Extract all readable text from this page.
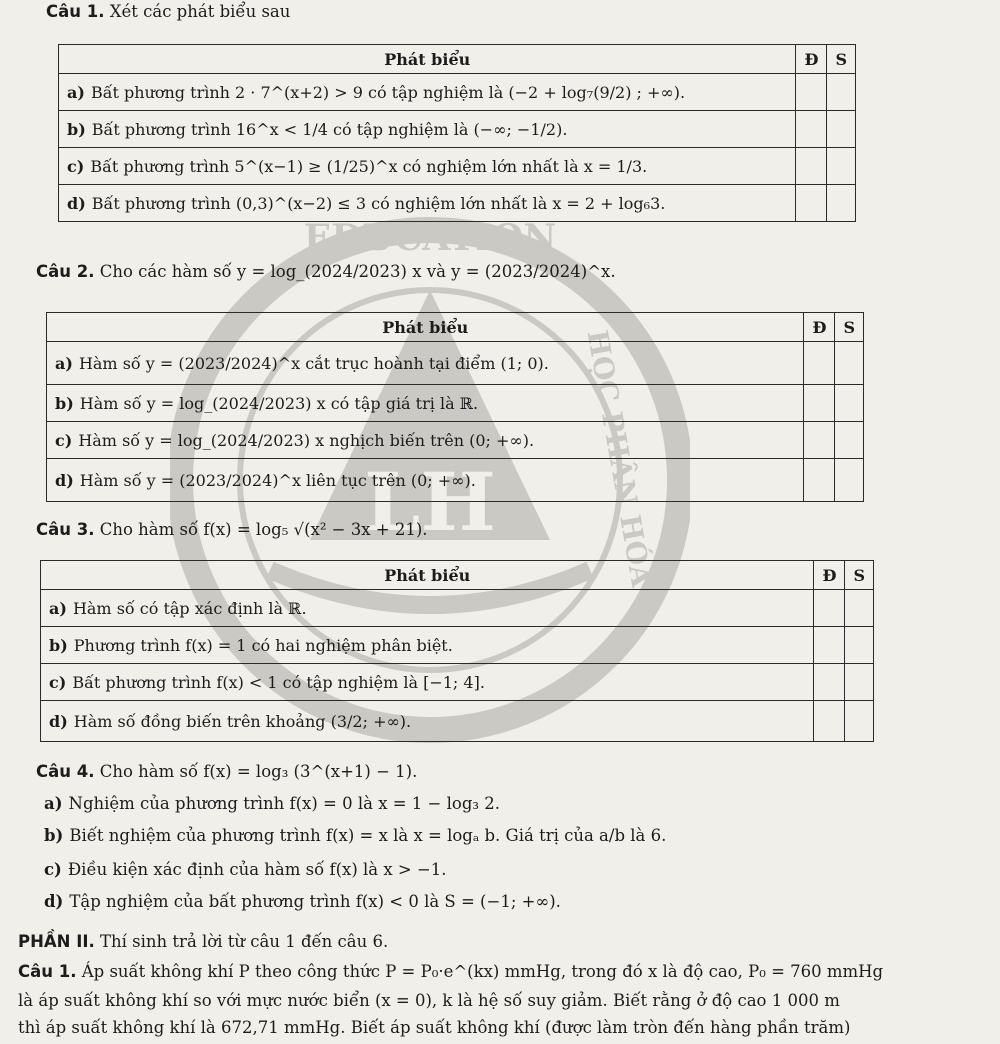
EDUCATION
HỌC PHÂN HÓA
LH
Câu 1. Xét các phát biểu sau
Phát biểu	Đ	S
a) Bất phương trình 2 · 7^(x+2) > 9 có tập nghiệm là (−2 + log₇(9/2) ; +∞).		
b) Bất phương trình 16^x < 1/4 có tập nghiệm là (−∞; −1/2).		
c) Bất phương trình 5^(x−1) ≥ (1/25)^x có nghiệm lớn nhất là x = 1/3.		
d) Bất phương trình (0,3)^(x−2) ≤ 3 có nghiệm lớn nhất là x = 2 + log₆3.		
Câu 2. Cho các hàm số y = log_(2024/2023) x và y = (2023/2024)^x.
Phát biểu	Đ	S
a) Hàm số y = (2023/2024)^x cắt trục hoành tại điểm (1; 0).		
b) Hàm số y = log_(2024/2023) x có tập giá trị là ℝ.		
c) Hàm số y = log_(2024/2023) x nghịch biến trên (0; +∞).		
d) Hàm số y = (2023/2024)^x liên tục trên (0; +∞).		
Câu 3. Cho hàm số f(x) = log₅ √(x² − 3x + 21).
Phát biểu	Đ	S
a) Hàm số có tập xác định là ℝ.		
b) Phương trình f(x) = 1 có hai nghiệm phân biệt.		
c) Bất phương trình f(x) < 1 có tập nghiệm là [−1; 4].		
d) Hàm số đồng biến trên khoảng (3/2; +∞).		
Câu 4. Cho hàm số f(x) = log₃ (3^(x+1) − 1).
a) Nghiệm của phương trình f(x) = 0 là x = 1 − log₃ 2.
b) Biết nghiệm của phương trình f(x) = x là x = logₐ b. Giá trị của a/b là 6.
c) Điều kiện xác định của hàm số f(x) là x > −1.
d) Tập nghiệm của bất phương trình f(x) < 0 là S = (−1; +∞).
PHẦN II. Thí sinh trả lời từ câu 1 đến câu 6.
Câu 1. Áp suất không khí P theo công thức P = P₀·e^(kx) mmHg, trong đó x là độ cao, P₀ = 760 mmHg
là áp suất không khí so với mực nước biển (x = 0), k là hệ số suy giảm. Biết rằng ở độ cao 1 000 m
thì áp suất không khí là 672,71 mmHg. Biết áp suất không khí (được làm tròn đến hàng phần trăm)
